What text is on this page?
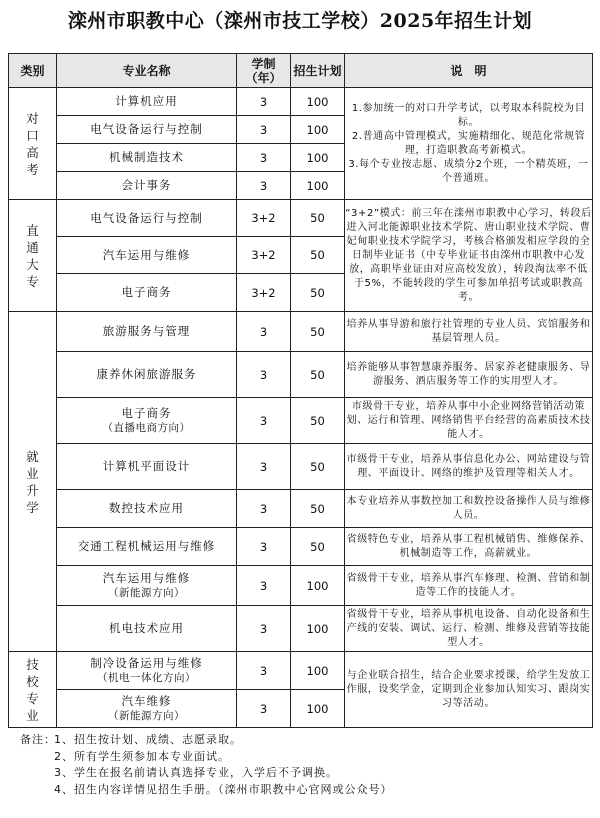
滦州市职教中心（滦州市技工学校）2025年招生计划
类别	专业名称	学制（年）	招生计划	说　明

对口高考	计算机应用	3	100	1.参加统一的对口升学考试，以考取本科院校为目标。
2.普通高中管理模式，实施精细化、规范化常规管理，打造职教高考新模式。
3.每个专业按志愿、成绩分2个班，一个精英班，一个普通班。
	电气设备运行与控制	3	100	
	机械制造技术	3	100	
	会计事务	3	100	

直通大专	电气设备运行与控制	3+2	50	“3+2”模式：前三年在滦州市职教中心学习，转段后进入河北能源职业技术学院、唐山职业技术学院、曹妃甸职业技术学院学习，考核合格颁发相应学段的全日制毕业证书（中专毕业证书由滦州市职教中心发放，高职毕业证由对应高校发放），转段淘汰率不低于5%，不能转段的学生可参加单招考试或职教高考。
	汽车运用与维修	3+2	50	
	电子商务	3+2	50	

就业升学	旅游服务与管理	3	50	培养从事导游和旅行社管理的专业人员、宾馆服务和基层管理人员。
	康养休闲旅游服务	3	50	培养能够从事智慧康养服务、居家养老健康服务、导游服务、酒店服务等工作的实用型人才。
	电子商务
（直播电商方向）	3	50	市级骨干专业，培养从事中小企业网络营销活动策划、运行和管理、网络销售平台经营的高素质技术技能人才。
	计算机平面设计	3	50	市级骨干专业，培养从事信息化办公、网站建设与管理、平面设计、网络的维护及管理等相关人才。
	数控技术应用	3	50	本专业培养从事数控加工和数控设备操作人员与维修人员。
	交通工程机械运用与维修	3	50	省级特色专业，培养从事工程机械销售、维修保养、机械制造等工作，高薪就业。
	汽车运用与维修
（新能源方向）	3	100	省级骨干专业，培养从事汽车修理、检测、营销和制造等工作的技能人才。
	机电技术应用	3	100	省级骨干专业，培养从事机电设备、自动化设备和生产线的安装、调试、运行、检测、维修及营销等技能型人才。

技校专业	制冷设备运用与维修
（机电一体化方向）	3	100	与企业联合招生，结合企业要求授课，给学生发放工作服，设奖学金，定期到企业参加认知实习、跟岗实习等活动。
	汽车维修
（新能源方向）	3	100	
备注：1、招生按计划、成绩、志愿录取。
2、所有学生须参加本专业面试。
3、学生在报名前请认真选择专业，入学后不予调换。
4、招生内容详情见招生手册。（滦州市职教中心官网或公众号）
